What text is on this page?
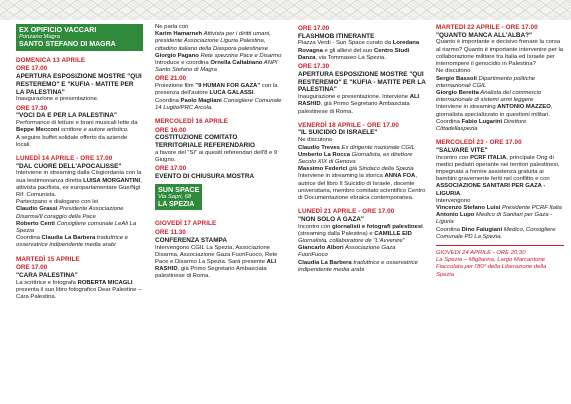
EX OPIFICIO VACCARI
Ponzano Magra
SANTO STEFANO DI MAGRA
DOMENICA 13 APRILE
ORE 17.00
APERTURA ESPOSIZIONE MOSTRE "QUI RESTEREMO" E "KUFIA - MATITE PER LA PALESTINA"
Inaugurazione e presentazione.
ORE 17.30
"VOCI DA E PER LA PALESTINA"
Performance di letture e brani musicali lette da Beppe Mecconi scrittore e autore artistico.
A seguire buffet solidale offerto da aziende locali.
LUNEDÌ 14 APRILE - ORE 17.00
"DAL CUORE DELL'APOCALISSE"
Interviene in streaming dalla Cisgiordania con la sua testimonianza diretta LUISA MORGANTINI, attivista pacifista, ex europarlamentare Gue/Ngl Rif. Comunista.
Partecipano e dialogano con lei
Claudio Grassi Presidente Associazione Disarma/Il coraggio della Pace
Roberto Centi Consigliere comunale LeAli La Spezia
Coordina Claudia La Barbera traduttrice e osservatrice indipendente media arabi
MARTEDÌ 15 APRILE
ORE 17.00
"CARA PALESTINA"
La scrittrice e fotografa ROBERTA MICAGLI presenta il suo libro fotografico Dear Palestine – Cara Palestina.
Ne parla con
Karim Hamarneh Attivista per i diritti umani, presidente Associazione Liguria Palestina, cittadino italiano della Diaspora palestinese
Giorgio Pagano Rete spezzina Pace e Disarmo
Introduce e coordina Ornella Caltabiano ANPI Santo Stefano di Magra
ORE 21.00
Proiezione film "9 HUMAN FOR GAZA" con la presenza dell'autore LUCA GALASSI.
Coordina Paolo Magliani Consigliere Comunale 14 Luglio/PRC Arcola.
MERCOLEDÌ 16 APRILE
ORE 16.00
COSTITUZIONE COMITATO TERRITORIALE REFERENDARIO
a favore del "Sì" ai quesiti referendari dell'8 e 9 Giugno.
ORE 17.00
EVENTO DI CHIUSURA MOSTRA
SUN SPACE
Via Sapri, 68
LA SPEZIA
GIOVEDÌ 17 APRILE
ORE 11.30
CONFERENZA STAMPA
Intervengono CGIL La Spezia, Associazione Disarma, Associazione Gaza FuoriFuoco, Rete Pace e Disarmo La Spezia. Sarà presente ALI RASHID, già Primo Segretario Ambasciata palestinese di Roma.
ORE 17.00
FLASHMOB ITINERANTE
Piazza Verdi - Sun Space curato da Loredana Rovagna e gli allievi del suo Centro Studi Danza, via Tommaseo La Spezia.
ORE 17.30
APERTURA ESPOSIZIONE MOSTRE "QUI RESTEREMO" E "KUFIA - MATITE PER LA PALESTINA"
Inaugurazione e presentazione. Interviene ALI RASHID, già Primo Segretario Ambasciata palestinese di Roma.
VENERDÌ 18 APRILE - ORE 17.00
"IL SUICIDIO DI ISRAELE"
Ne discutono
Claudio Treves Ex dirigente nazionale CGIL
Umberto La Rocca Giornalista, ex direttore Secolo XIX di Genova
Massimo Federici già Sindaco della Spezia
Interviene in streaming la storica ANNA FOA, autrice del libro Il Suicidio di Israele, docente universitaria, membro comitato scientifico Centro di Documentazione ebraica contemporanea.
LUNEDÌ 21 APRILE - ORE 17.00
"NON SOLO A GAZA"
Incontro con giornalisti e fotografi palestinesi (streaming dalla Palestina) e CAMILLE EID Giornalista, collaboratore de "L'Avvenire"
Giancarlo Albori Associazione Gaza FuoriFuoco
Claudia La Barbera traduttrice e osservatrice indipendente media arabi
MARTEDÌ 22 APRILE - ORE 17.00
"QUANTO MANCA ALL'ALBA?"
Quanto è importante e decisivo frenare la corsa al riarmo? Quanto è importante intervenire per la collaborazione militare tra Italia ed Israele per interrompere il genocidio in Palestina?
Ne discutono
Sergio Bassoli Dipartimento politiche internazionali CGIL
Giorgio Beretta Analista del commercio internazionale di sistemi armi leggere
Interviene in streaming ANTONIO MAZZEO, giornalista specializzato in questioni militari.
Coordina Fabio Lugarini Direttore Cittadellaspezia
MERCOLEDÌ 23 - ORE 17.00
"SALVARE VITE"
Incontro con PCRF ITALIA, principale Ong di medici pediatri operante nei territori palestinesi, impegnata a fornire assistenza gratuita ai bambini gravemente feriti nel conflitto e con ASSOCIAZIONE SANITARI PER GAZA - LIGURIA.
Intervengono
Vincenzo Stefano Luisi Presidente PCRF Italia
Antonio Lupo Medico di Sanitari per Gaza - Liguria
Coordina Dino Falugiani Medico, Consigliere Comunale PD La Spezia.
GIOVEDÌ 24 APRILE - ORE 20.30
La Spezia – Migliarina, Largo Marcantone Fiaccolata per l'80° della Liberazione della Spezia
